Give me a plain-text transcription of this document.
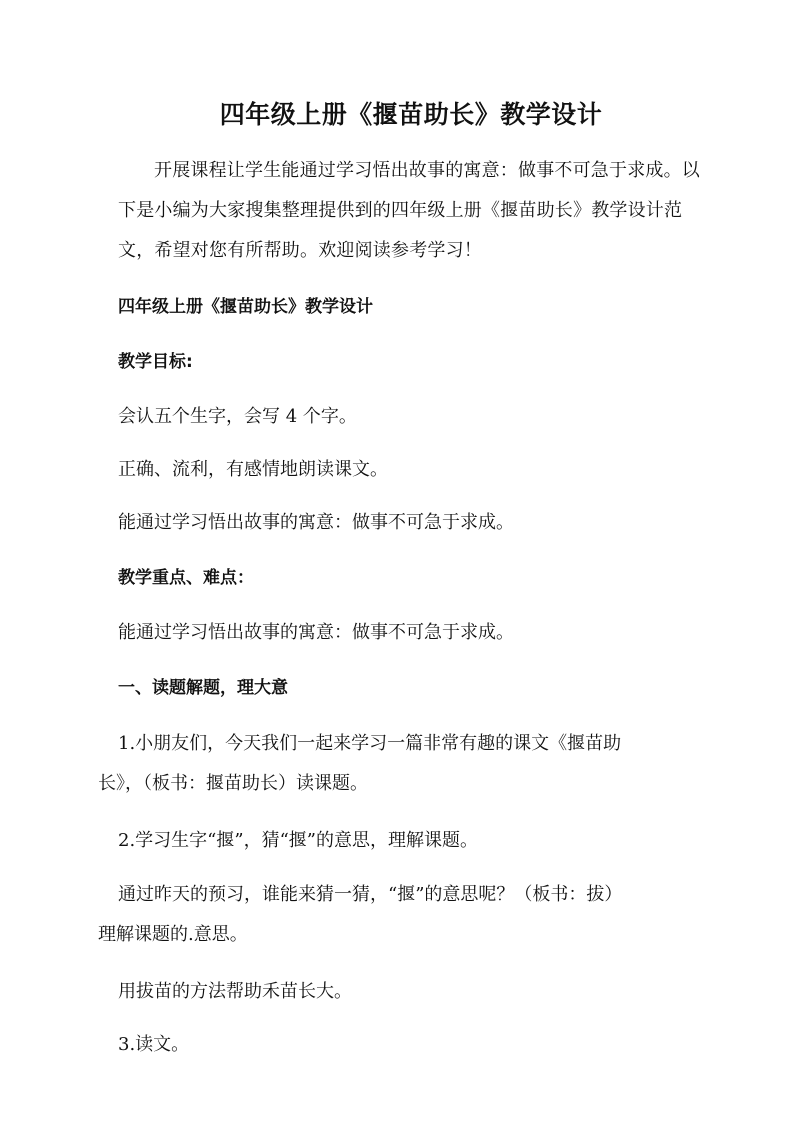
四年级上册《揠苗助长》教学设计

开展课程让学生能通过学习悟出故事的寓意：做事不可急于求成。以下是小编为大家搜集整理提供到的四年级上册《揠苗助长》教学设计范文，希望对您有所帮助。欢迎阅读参考学习！

四年级上册《揠苗助长》教学设计

教学目标:

会认五个生字，会写 4 个字。

正确、流利，有感情地朗读课文。

能通过学习悟出故事的寓意：做事不可急于求成。

教学重点、难点：

能通过学习悟出故事的寓意：做事不可急于求成。

一、读题解题，理大意

1.小朋友们，今天我们一起来学习一篇非常有趣的课文《揠苗助

长》，（板书：揠苗助长）读课题。

2.学习生字“揠”，猜“揠”的意思，理解课题。

通过昨天的预习，谁能来猜一猜，“揠”的意思呢？（板书：拔）

理解课题的.意思。

用拔苗的方法帮助禾苗长大。

3.读文。
